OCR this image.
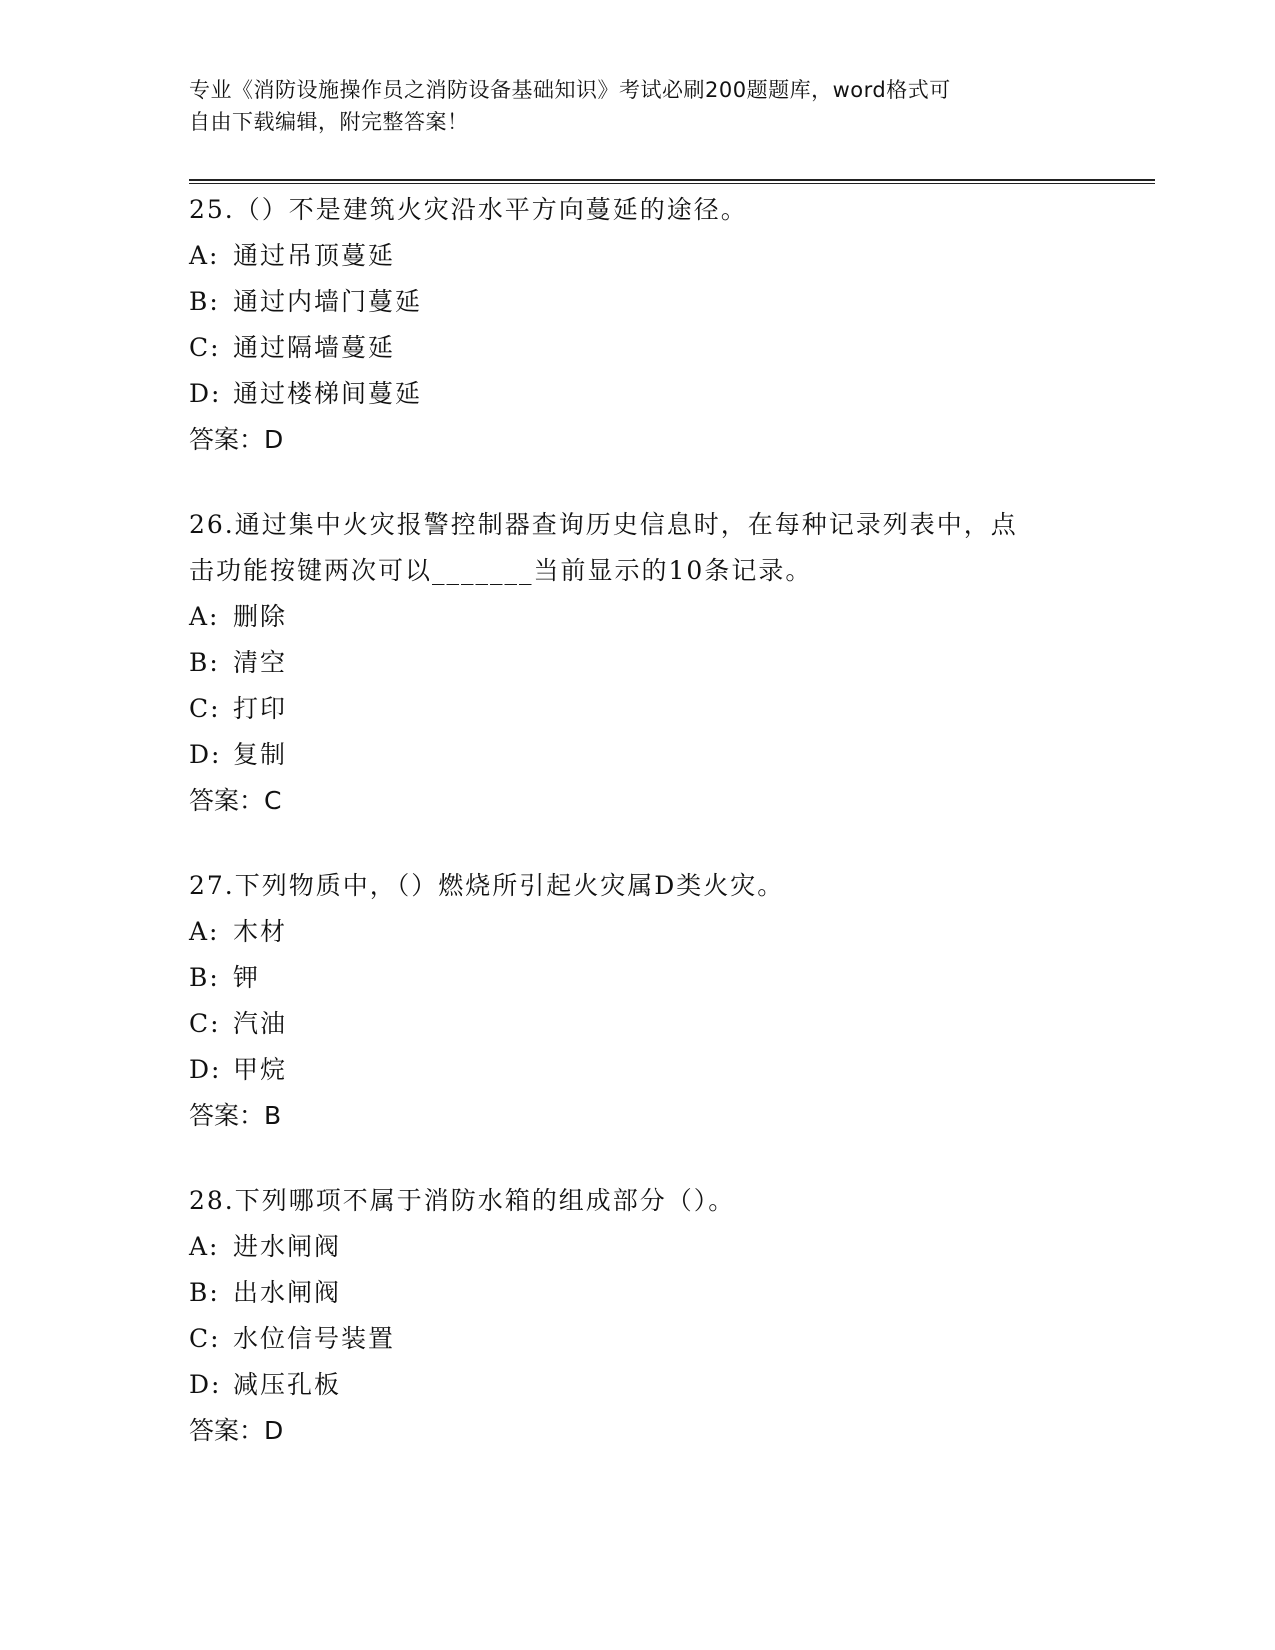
专业《消防设施操作员之消防设备基础知识》考试必刷200题题库，word格式可
自由下载编辑，附完整答案！

25.（）不是建筑火灾沿水平方向蔓延的途径。

A: 通过吊顶蔓延

B: 通过内墙门蔓延

C: 通过隔墙蔓延

D: 通过楼梯间蔓延

答案：D

26.通过集中火灾报警控制器查询历史信息时，在每种记录列表中，点

击功能按键两次可以_______当前显示的10条记录。

A: 删除

B: 清空

C: 打印

D: 复制

答案：C

27.下列物质中，（）燃烧所引起火灾属D类火灾。

A: 木材

B: 钾

C: 汽油

D: 甲烷

答案：B

28.下列哪项不属于消防水箱的组成部分（）。

A: 进水闸阀

B: 出水闸阀

C: 水位信号装置

D: 减压孔板

答案：D
